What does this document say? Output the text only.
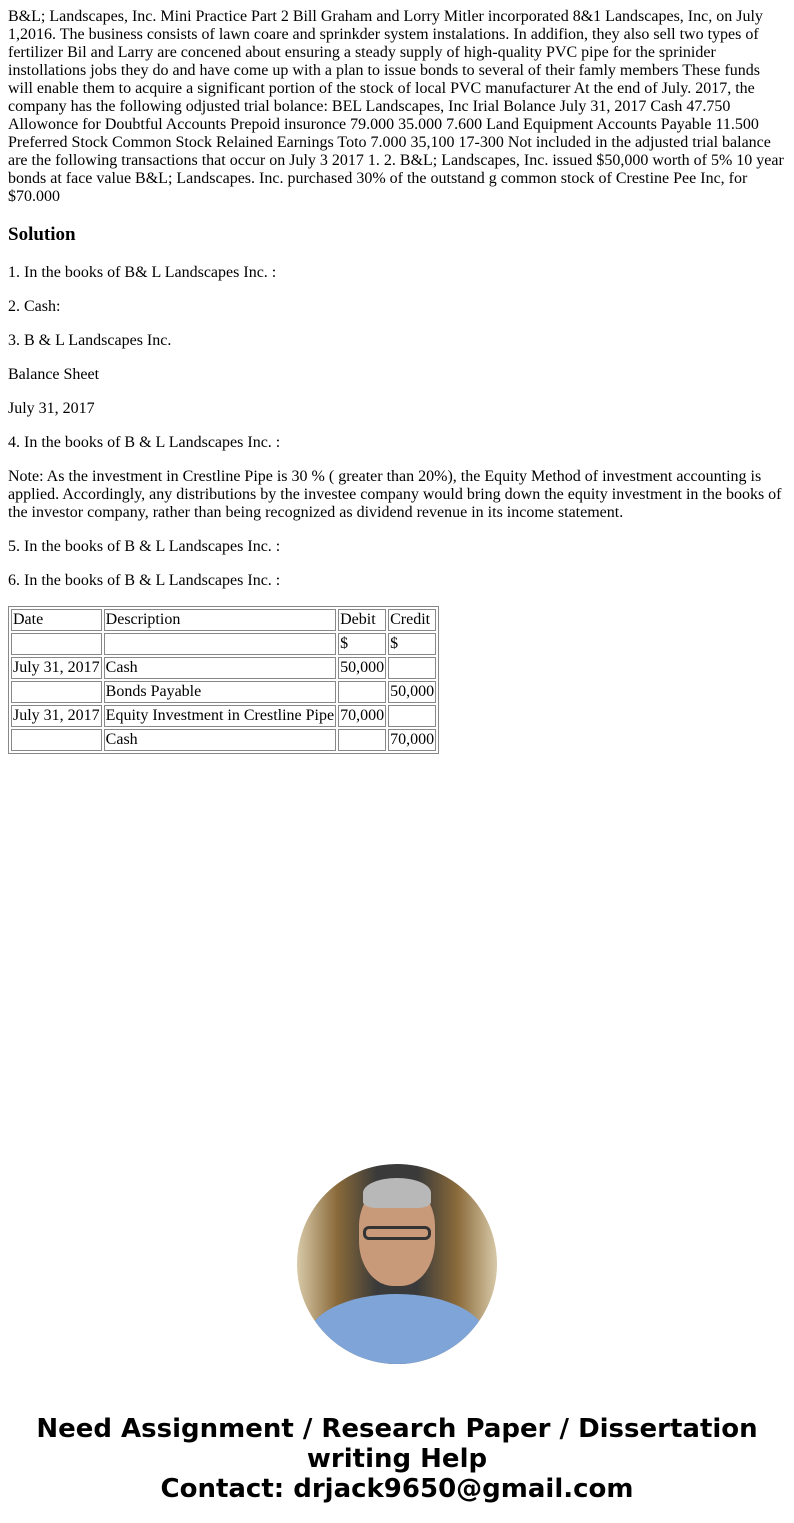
B&L; Landscapes, Inc. Mini Practice Part 2 Bill Graham and Lorry Mitler incorporated 8&1 Landscapes, Inc, on July 1,2016. The business consists of lawn coare and sprinkder system instalations. In addifion, they also sell two types of fertilizer Bil and Larry are concened about ensuring a steady supply of high-quality PVC pipe for the sprinider instollations jobs they do and have come up with a plan to issue bonds to several of their famly members These funds will enable them to acquire a significant portion of the stock of local PVC manufacturer At the end of July. 2017, the company has the following odjusted trial bolance: BEL Landscapes, Inc Irial Bolance July 31, 2017 Cash 47.750 Allowonce for Doubtful Accounts Prepoid insuronce 79.000 35.000 7.600 Land Equipment Accounts Payable 11.500 Preferred Stock Common Stock Relained Earnings Toto 7.000 35,100 17-300 Not included in the adjusted trial balance are the following transactions that occur on July 3 2017 1. 2. B&L; Landscapes, Inc. issued $50,000 worth of 5% 10 year bonds at face value B&L; Landscapes. Inc. purchased 30% of the outstand g common stock of Crestine Pee Inc, for $70.000

Solution

1. In the books of B& L Landscapes Inc. :

2. Cash:

3. B & L Landscapes Inc.

Balance Sheet

July 31, 2017

4. In the books of B & L Landscapes Inc. :

Note: As the investment in Crestline Pipe is 30 % ( greater than 20%), the Equity Method of investment accounting is applied. Accordingly, any distributions by the investee company would bring down the equity investment in the books of the investor company, rather than being recognized as dividend revenue in its income statement.

5. In the books of B & L Landscapes Inc. :

6. In the books of B & L Landscapes Inc. :

Date	Description	Debit	Credit
		$	$
July 31, 2017	Cash	50,000	
	Bonds Payable		50,000
July 31, 2017	Equity Investment in Crestline Pipe	70,000	
	Cash		70,000
Need Assignment / Research Paper / Dissertation writing Help
Contact: drjack9650@gmail.com
